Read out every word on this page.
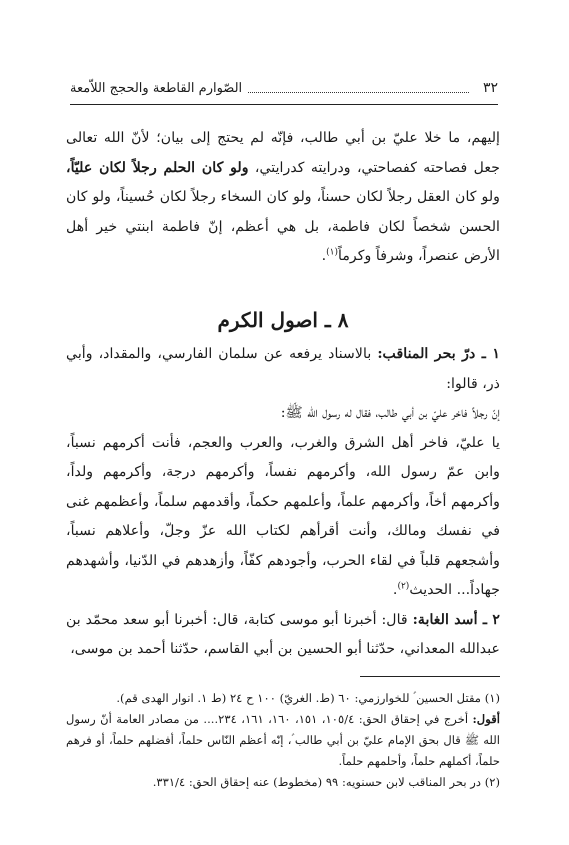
٣٢
الصّوارم القاطعة والحجج اللاّمعة

إليهم، ما خلا عليّ بن أبي طالب، فإنّه لم يحتج إلى بيان؛ لأنّ الله تعالى جعل فصاحته كفصاحتي، ودرايته كدرايتي، ولو كان الحلم رجلاً لكان عليّاً، ولو كان العقل رجلاً لكان حسناً، ولو كان السخاء رجلاً لكان حُسيناً، ولو كان الحسن شخصاً لكان فاطمة، بل هي أعظم، إنّ فاطمة ابنتي خير أهل الأرض عنصراً، وشرفاً وكرماً$^{(١)}$.

٨ ـ اصول الكرم

١ ـ درّ بحر المناقب: بالاسناد يرفعه عن سلمان الفارسي، والمقداد، وأبي ذر، قالوا:

إنّ رجلاً فاخر عليّ بن أبي طالب، فقال له رسول الله ﷺ:

يا عليّ، فاخر أهل الشرق والغرب، والعرب والعجم، فأنت أكرمهم نسباً، وابن عمّ رسول الله، وأكرمهم نفساً، وأكرمهم درجة، وأكرمهم ولداً، وأكرمهم أخاً، وأكرمهم علماً، وأعلمهم حكماً، وأقدمهم سلماً، وأعظمهم غنى في نفسك ومالك، وأنت أقرأهم لكتاب الله عزّ وجلّ، وأعلاهم نسباً، وأشجعهم قلباً في لقاء الحرب، وأجودهم كفّاً، وأزهدهم في الدّنيا، وأشهدهم جهاداً... الحديث$^{(٢)}$.

٢ ـ أسد الغابة: قال: أخبرنا أبو موسى كتابة، قال: أخبرنا أبو سعد محمّد بن عبدالله المعداني، حدّثنا أبو الحسين بن أبي القاسم، حدّثنا أحمد بن موسى،

(١) مقتل الحسين ؑ للخوارزمي: ٦٠ (ط. الغريّ) ١٠٠ ح ٢٤ (ط ١. انوار الهدى قم).

أقول: أخرج في إحقاق الحق: ١٠٥/٤، ١٥١، ١٦٠، ١٦١، ٢٣٤.... من مصادر العامة أنّ رسول الله ﷺ قال بحق الإمام عليّ بن أبي طالب ؑ، إنّه أعظم النّاس حلماً، أفضلهم حلماً، أو فرهم حلماً، أكملهم حلماً، وأحلمهم حلماً.

(٢) در بحر المناقب لابن حسنويه: ٩٩ (مخطوط) عنه إحقاق الحق: ٣٣١/٤.
